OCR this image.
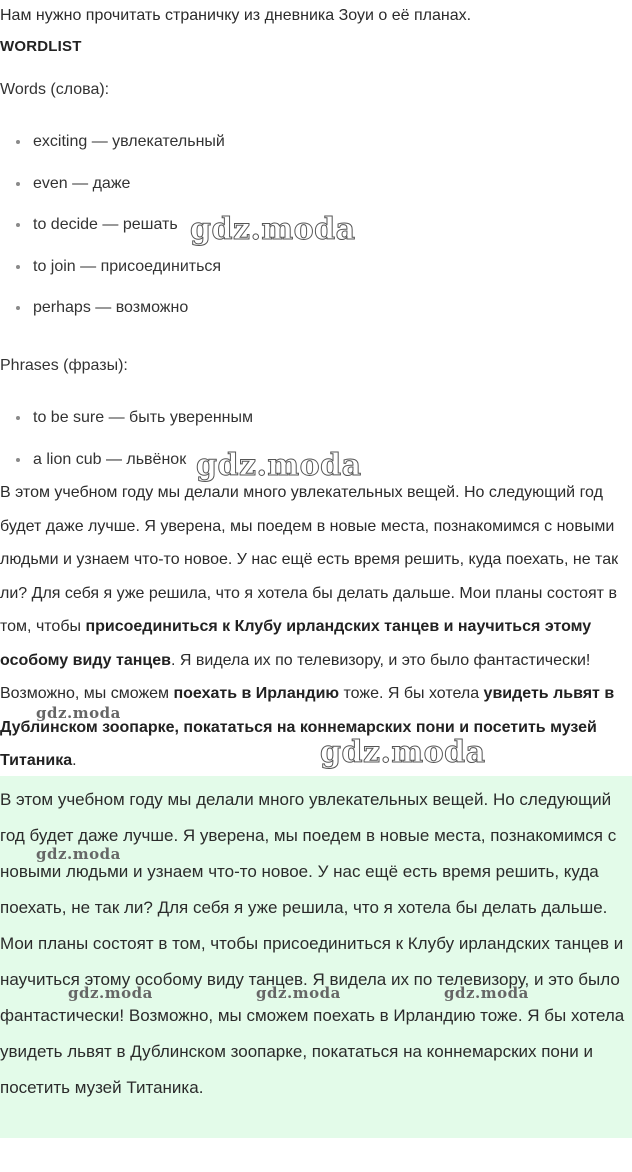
Нам нужно прочитать страничку из дневника Зоуи о её планах.
WORDLIST
Words (слова):
exciting — увлекательный
even — даже
to decide — решать
to join — присоединиться
perhaps — возможно
Phrases (фразы):
to be sure — быть уверенным
a lion cub — львёнок
В этом учебном году мы делали много увлекательных вещей. Но следующий год будет даже лучше. Я уверена, мы поедем в новые места, познакомимся с новыми людьми и узнаем что-то новое. У нас ещё есть время решить, куда поехать, не так ли? Для себя я уже решила, что я хотела бы делать дальше. Мои планы состоят в том, чтобы присоединиться к Клубу ирландских танцев и научиться этому особому виду танцев. Я видела их по телевизору, и это было фантастически! Возможно, мы сможем поехать в Ирландию тоже. Я бы хотела увидеть львят в Дублинском зоопарке, покататься на коннемарских пони и посетить музей Титаника.
В этом учебном году мы делали много увлекательных вещей. Но следующий год будет даже лучше. Я уверена, мы поедем в новые места, познакомимся с новыми людьми и узнаем что-то новое. У нас ещё есть время решить, куда поехать, не так ли? Для себя я уже решила, что я хотела бы делать дальше. Мои планы состоят в том, чтобы присоединиться к Клубу ирландских танцев и научиться этому особому виду танцев. Я видела их по телевизору, и это было фантастически! Возможно, мы сможем поехать в Ирландию тоже. Я бы хотела увидеть львят в Дублинском зоопарке, покататься на коннемарских пони и посетить музей Титаника.
gdz.moda
gdz.moda
gdz.moda
gdz.moda
gdz.moda
gdz.moda	gdz.moda	gdz.moda
